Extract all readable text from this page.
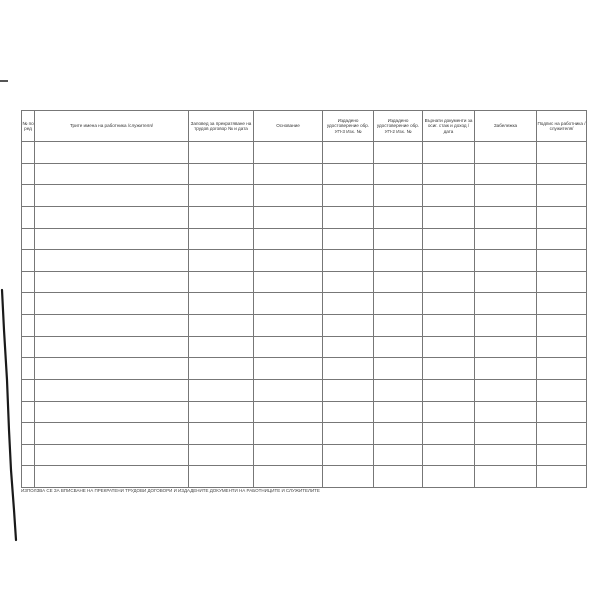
№ по ред	Трите имена на работника /служителя/	Заповед за прекратяване на трудов договор № и дата	Основание	Издадено удостоверение обр. УП-3 Изх. №	Издадено удостоверение обр. УП-2 Изх. №	Върнати документи за осиг. стаж и доход / дата	Забележка	Подпис на работника /служителя/

ИЗПОЛЗВА СЕ ЗА ВПИСВАНЕ НА ПРЕКРАТЕНИ ТРУДОВИ ДОГОВОРИ И ИЗДАДЕНИТЕ ДОКУМЕНТИ НА РАБОТНИЦИТЕ И СЛУЖИТЕЛИТЕ
